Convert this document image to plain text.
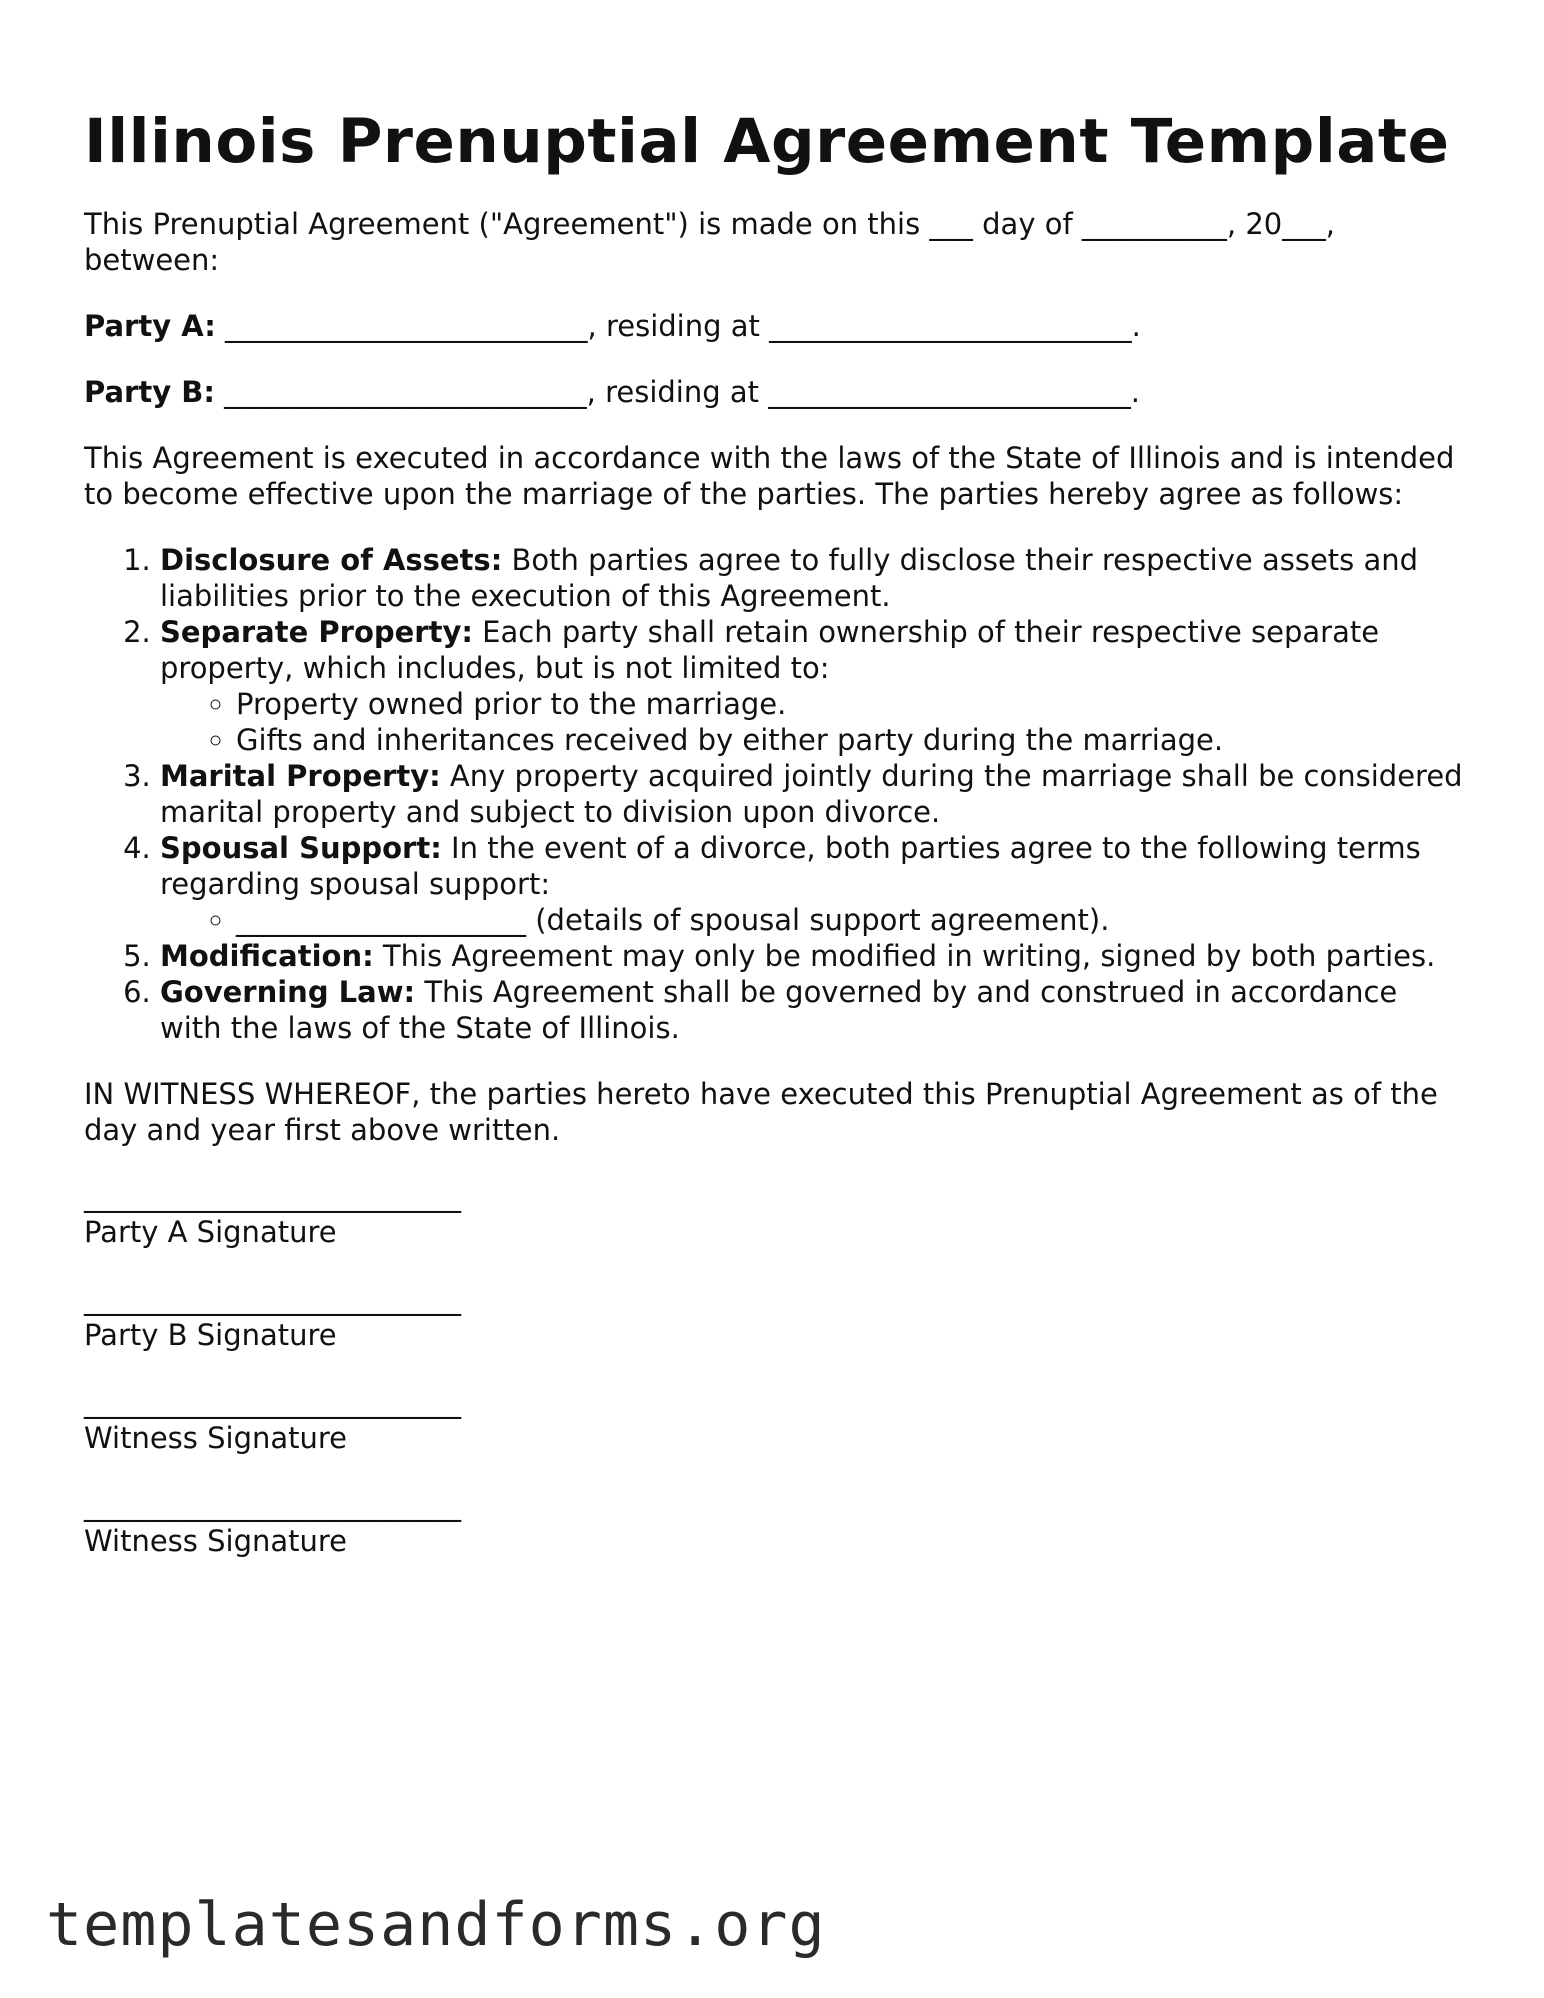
Illinois Prenuptial Agreement Template

This Prenuptial Agreement ("Agreement") is made on this ___ day of __________, 20___, between:

Party A: _________________________, residing at _________________________.

Party B: _________________________, residing at _________________________.

This Agreement is executed in accordance with the laws of the State of Illinois and is intended to become effective upon the marriage of the parties. The parties hereby agree as follows:

1. Disclosure of Assets: Both parties agree to fully disclose their respective assets and liabilities prior to the execution of this Agreement.
2. Separate Property: Each party shall retain ownership of their respective separate property, which includes, but is not limited to:
◦ Property owned prior to the marriage.
◦ Gifts and inheritances received by either party during the marriage.
3. Marital Property: Any property acquired jointly during the marriage shall be considered marital property and subject to division upon divorce.
4. Spousal Support: In the event of a divorce, both parties agree to the following terms regarding spousal support:
◦ ____________________ (details of spousal support agreement).
5. Modification: This Agreement may only be modified in writing, signed by both parties.
6. Governing Law: This Agreement shall be governed by and construed in accordance with the laws of the State of Illinois.

IN WITNESS WHEREOF, the parties hereto have executed this Prenuptial Agreement as of the day and year first above written.

__________________________
Party A Signature
__________________________
Party B Signature
__________________________
Witness Signature
__________________________
Witness Signature
templatesandforms.org
